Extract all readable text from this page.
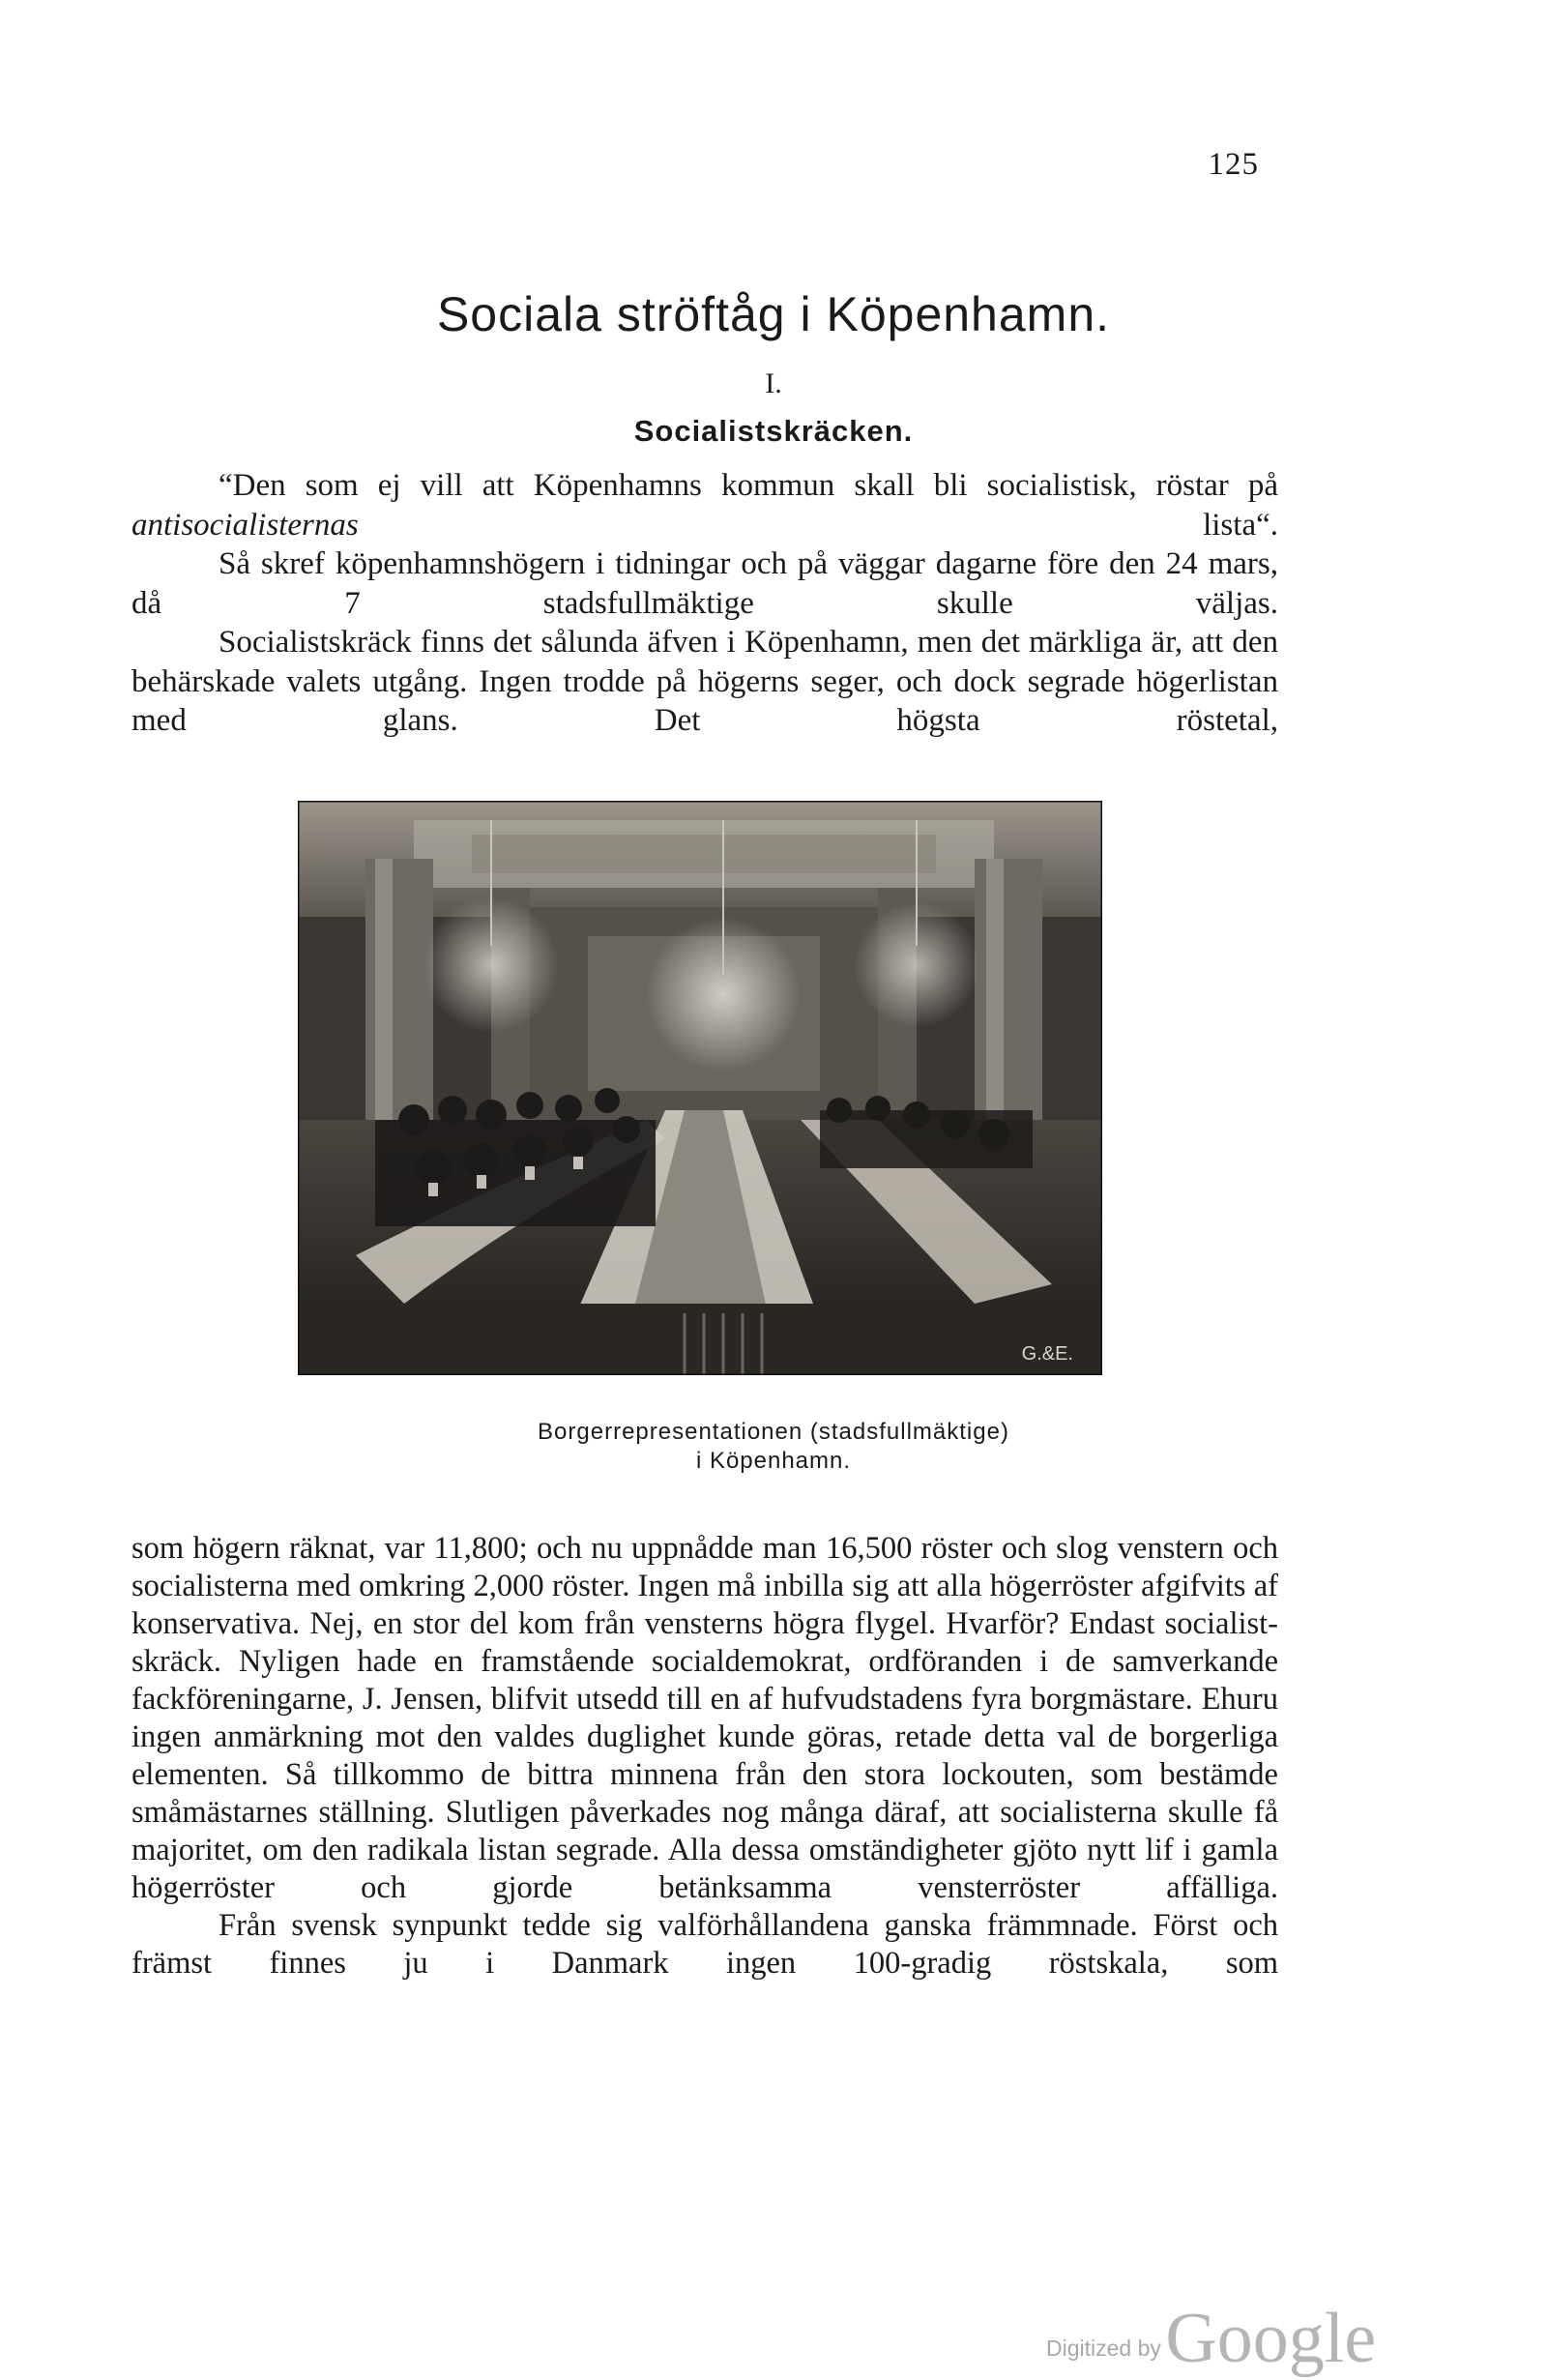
125
Sociala ströftåg i Köpenhamn.
I.
Socialistskräcken.

“Den som ej vill att Köpenhamns kommun skall bli socialistisk, röstar på antisocialisternas lista“.

Så skref köpenhamnshögern i tidningar och på väggar dagarne före den 24 mars, då 7 stadsfullmäktige skulle väljas.

Socialistskräck finns det sålunda äfven i Köpenhamn, men det märkliga är, att den behärskade valets utgång. Ingen trodde på högerns seger, och dock segrade högerlistan med glans. Det högsta röstetal,

G.&E.
Borgerrepresentationen (stadsfullmäktige)
i Köpenhamn.

som högern räknat, var 11,800; och nu uppnådde man 16,500 röster och slog venstern och socialisterna med omkring 2,000 röster. Ingen må inbilla sig att alla högerröster afgifvits af konservativa. Nej, en stor del kom från vensterns högra flygel. Hvarför? Endast socialist-skräck. Nyligen hade en framstående socialdemokrat, ordföranden i de samverkande fackföreningarne, J. Jensen, blifvit utsedd till en af hufvudstadens fyra borgmästare. Ehuru ingen anmärkning mot den valdes duglighet kunde göras, retade detta val de borgerliga elementen. Så tillkommo de bittra minnena från den stora lockouten, som bestämde småmästarnes ställning. Slutligen påverkades nog många däraf, att socialisterna skulle få majoritet, om den radikala listan segrade. Alla dessa omständigheter gjöto nytt lif i gamla högerröster och gjorde betänksamma vensterröster affälliga.

Från svensk synpunkt tedde sig valförhållandena ganska främmnade. Först och främst finnes ju i Danmark ingen 100-gradig röstskala, som

Digitized by Google
